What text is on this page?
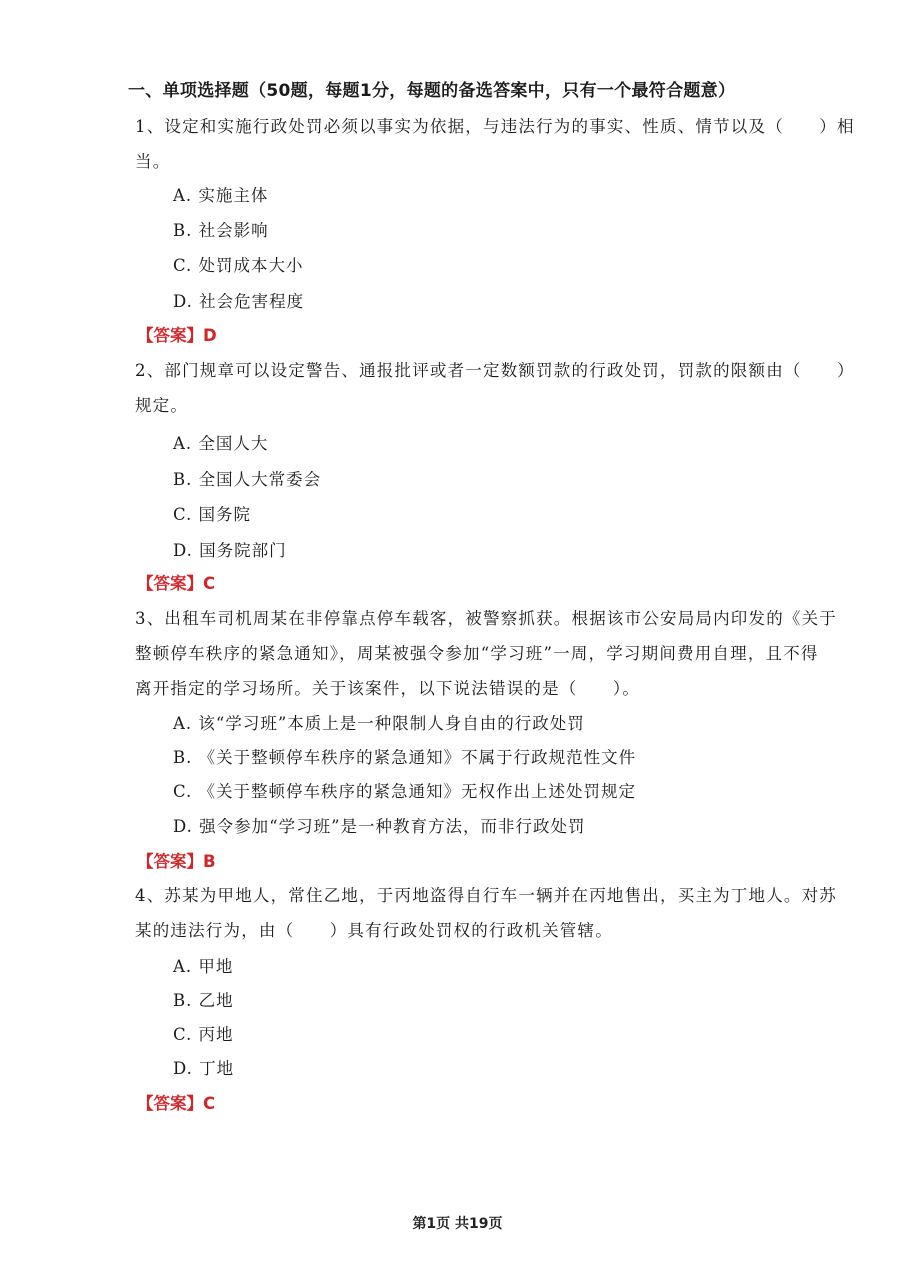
一、单项选择题（50题，每题1分，每题的备选答案中，只有一个最符合题意）
1、设定和实施行政处罚必须以事实为依据，与违法行为的事实、性质、情节以及（　　）相
当。
A. 实施主体
B. 社会影响
C. 处罚成本大小
D. 社会危害程度
【答案】D
2、部门规章可以设定警告、通报批评或者一定数额罚款的行政处罚，罚款的限额由（　　）
规定。
A. 全国人大
B. 全国人大常委会
C. 国务院
D. 国务院部门
【答案】C
3、出租车司机周某在非停靠点停车载客，被警察抓获。根据该市公安局局内印发的《关于
整顿停车秩序的紧急通知》，周某被强令参加“学习班”一周，学习期间费用自理，且不得
离开指定的学习场所。关于该案件，以下说法错误的是（　　）。
A. 该“学习班”本质上是一种限制人身自由的行政处罚
B. 《关于整顿停车秩序的紧急通知》不属于行政规范性文件
C. 《关于整顿停车秩序的紧急通知》无权作出上述处罚规定
D. 强令参加“学习班”是一种教育方法，而非行政处罚
【答案】B
4、苏某为甲地人，常住乙地，于丙地盗得自行车一辆并在丙地售出，买主为丁地人。对苏
某的违法行为，由（　　）具有行政处罚权的行政机关管辖。
A. 甲地
B. 乙地
C. 丙地
D. 丁地
【答案】C
第1页 共19页
